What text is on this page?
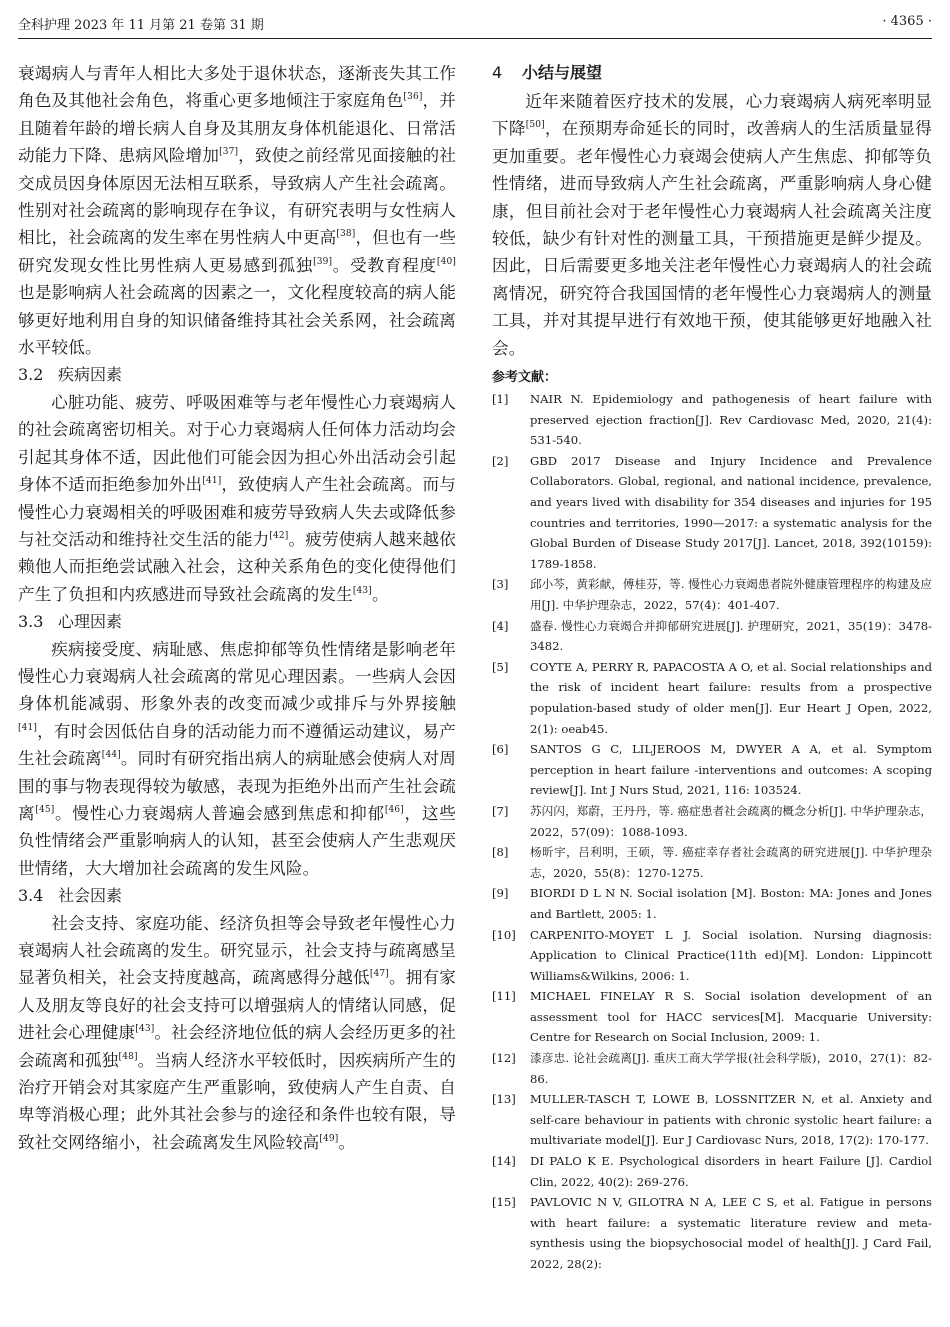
全科护理 2023 年 11 月第 21 卷第 31 期	· 4365 ·

衰竭病人与青年人相比大多处于退休状态，逐渐丧失其工作角色及其他社会角色，将重心更多地倾注于家庭角色[36]，并且随着年龄的增长病人自身及其朋友身体机能退化、日常活动能力下降、患病风险增加[37]，致使之前经常见面接触的社交成员因身体原因无法相互联系，导致病人产生社会疏离。性别对社会疏离的影响现存在争议，有研究表明与女性病人相比，社会疏离的发生率在男性病人中更高[38]，但也有一些研究发现女性比男性病人更易感到孤独[39]。受教育程度[40]也是影响病人社会疏离的因素之一，文化程度较高的病人能够更好地利用自身的知识储备维持其社会关系网，社会疏离水平较低。

3.2 疾病因素

心脏功能、疲劳、呼吸困难等与老年慢性心力衰竭病人的社会疏离密切相关。对于心力衰竭病人任何体力活动均会引起其身体不适，因此他们可能会因为担心外出活动会引起身体不适而拒绝参加外出[41]，致使病人产生社会疏离。而与慢性心力衰竭相关的呼吸困难和疲劳导致病人失去或降低参与社交活动和维持社交生活的能力[42]。疲劳使病人越来越依赖他人而拒绝尝试融入社会，这种关系角色的变化使得他们产生了负担和内疚感进而导致社会疏离的发生[43]。

3.3 心理因素

疾病接受度、病耻感、焦虑抑郁等负性情绪是影响老年慢性心力衰竭病人社会疏离的常见心理因素。一些病人会因身体机能减弱、形象外表的改变而减少或排斥与外界接触[41]，有时会因低估自身的活动能力而不遵循运动建议，易产生社会疏离[44]。同时有研究指出病人的病耻感会使病人对周围的事与物表现得较为敏感，表现为拒绝外出而产生社会疏离[45]。慢性心力衰竭病人普遍会感到焦虑和抑郁[46]，这些负性情绪会严重影响病人的认知，甚至会使病人产生悲观厌世情绪，大大增加社会疏离的发生风险。

3.4 社会因素

社会支持、家庭功能、经济负担等会导致老年慢性心力衰竭病人社会疏离的发生。研究显示，社会支持与疏离感呈显著负相关，社会支持度越高，疏离感得分越低[47]。拥有家人及朋友等良好的社会支持可以增强病人的情绪认同感，促进社会心理健康[43]。社会经济地位低的病人会经历更多的社会疏离和孤独[48]。当病人经济水平较低时，因疾病所产生的治疗开销会对其家庭产生严重影响，致使病人产生自责、自卑等消极心理；此外其社会参与的途径和条件也较有限，导致社交网络缩小，社会疏离发生风险较高[49]。

4 小结与展望

近年来随着医疗技术的发展，心力衰竭病人病死率明显下降[50]，在预期寿命延长的同时，改善病人的生活质量显得更加重要。老年慢性心力衰竭会使病人产生焦虑、抑郁等负性情绪，进而导致病人产生社会疏离，严重影响病人身心健康，但目前社会对于老年慢性心力衰竭病人社会疏离关注度较低，缺少有针对性的测量工具，干预措施更是鲜少提及。因此，日后需要更多地关注老年慢性心力衰竭病人的社会疏离情况，研究符合我国国情的老年慢性心力衰竭病人的测量工具，并对其提早进行有效地干预，使其能够更好地融入社会。

参考文献：
[1]	NAIR N. Epidemiology and pathogenesis of heart failure with preserved ejection fraction[J]. Rev Cardiovasc Med, 2020, 21(4): 531-540.
[2]	GBD 2017 Disease and Injury Incidence and Prevalence Collaborators. Global, regional, and national incidence, prevalence, and years lived with disability for 354 diseases and injuries for 195 countries and territories, 1990—2017: a systematic analysis for the Global Burden of Disease Study 2017[J]. Lancet, 2018, 392(10159): 1789-1858.
[3]	邱小芩，黄彩献，傅桂芬，等. 慢性心力衰竭患者院外健康管理程序的构建及应用[J]. 中华护理杂志，2022，57(4)：401-407.
[4]	盛春. 慢性心力衰竭合并抑郁研究进展[J]. 护理研究，2021，35(19)：3478-3482.
[5]	COYTE A, PERRY R, PAPACOSTA A O, et al. Social relationships and the risk of incident heart failure: results from a prospective population-based study of older men[J]. Eur Heart J Open, 2022, 2(1): oeab45.
[6]	SANTOS G C, LILJEROOS M, DWYER A A, et al. Symptom perception in heart failure -interventions and outcomes: A scoping review[J]. Int J Nurs Stud, 2021, 116: 103524.
[7]	苏闪闪，郑蔚，王丹丹，等. 癌症患者社会疏离的概念分析[J]. 中华护理杂志，2022，57(09)：1088-1093.
[8]	杨昕宇，吕利明，王硕，等. 癌症幸存者社会疏离的研究进展[J]. 中华护理杂志，2020，55(8)：1270-1275.
[9]	BIORDI D L N N. Social isolation [M]. Boston: MA: Jones and Jones and Bartlett, 2005: 1.
[10]	CARPENITO-MOYET L J. Social isolation. Nursing diagnosis: Application to Clinical Practice(11th ed)[M]. London: Lippincott Williams&Wilkins, 2006: 1.
[11]	MICHAEL FINELAY R S. Social isolation development of an assessment tool for HACC services[M]. Macquarie University: Centre for Research on Social Inclusion, 2009: 1.
[12]	漆彦忠. 论社会疏离[J]. 重庆工商大学学报(社会科学版)，2010，27(1)：82-86.
[13]	MULLER-TASCH T, LOWE B, LOSSNITZER N, et al. Anxiety and self-care behaviour in patients with chronic systolic heart failure: a multivariate model[J]. Eur J Cardiovasc Nurs, 2018, 17(2): 170-177.
[14]	DI PALO K E. Psychological disorders in heart Failure [J]. Cardiol Clin, 2022, 40(2): 269-276.
[15]	PAVLOVIC N V, GILOTRA N A, LEE C S, et al. Fatigue in persons with heart failure: a systematic literature review and meta-synthesis using the biopsychosocial model of health[J]. J Card Fail, 2022, 28(2):
